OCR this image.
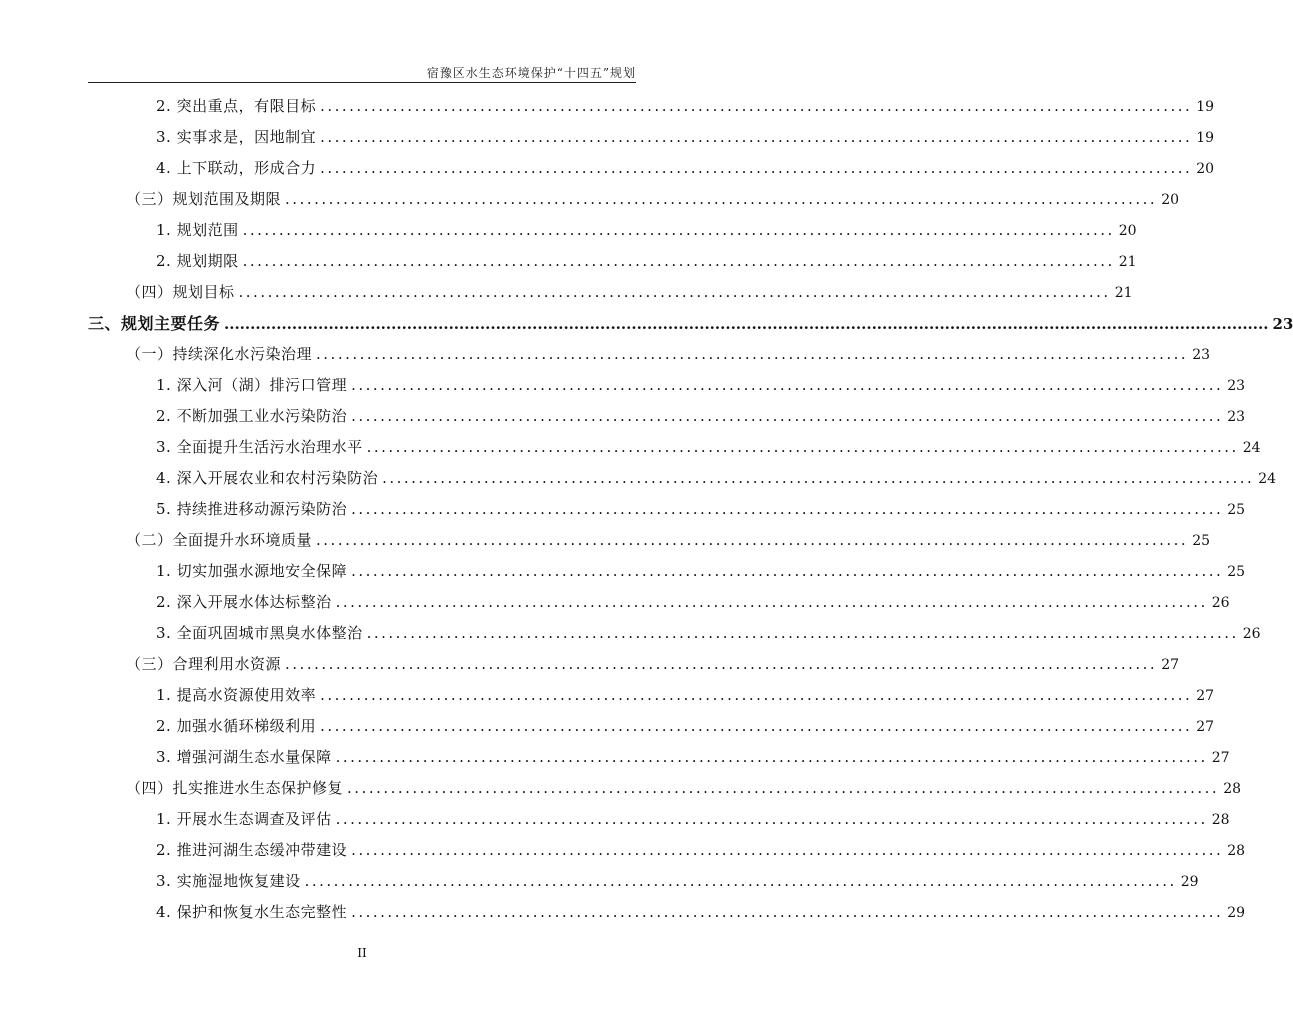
宿豫区水生态环境保护“十四五”规划
2. 突出重点，有限目标 ........................................................................................................................ 19
3. 实事求是，因地制宜 ........................................................................................................................ 19
4. 上下联动，形成合力 ........................................................................................................................ 20
（三）规划范围及期限 ........................................................................................................................ 20
1. 规划范围 ........................................................................................................................ 20
2. 规划期限 ........................................................................................................................ 21
（四）规划目标 ........................................................................................................................ 21
三、规划主要任务 ........................................................................................................................................................................................................ 23
（一）持续深化水污染治理 ........................................................................................................................ 23
1. 深入河（湖）排污口管理 ........................................................................................................................ 23
2. 不断加强工业水污染防治 ........................................................................................................................ 23
3. 全面提升生活污水治理水平 ........................................................................................................................ 24
4. 深入开展农业和农村污染防治 ........................................................................................................................ 24
5. 持续推进移动源污染防治 ........................................................................................................................ 25
（二）全面提升水环境质量 ........................................................................................................................ 25
1. 切实加强水源地安全保障 ........................................................................................................................ 25
2. 深入开展水体达标整治 ........................................................................................................................ 26
3. 全面巩固城市黑臭水体整治 ........................................................................................................................ 26
（三）合理利用水资源 ........................................................................................................................ 27
1. 提高水资源使用效率 ........................................................................................................................ 27
2. 加强水循环梯级利用 ........................................................................................................................ 27
3. 增强河湖生态水量保障 ........................................................................................................................ 27
（四）扎实推进水生态保护修复 ........................................................................................................................ 28
1. 开展水生态调查及评估 ........................................................................................................................ 28
2. 推进河湖生态缓冲带建设 ........................................................................................................................ 28
3. 实施湿地恢复建设 ........................................................................................................................ 29
4. 保护和恢复水生态完整性 ........................................................................................................................ 29
II
